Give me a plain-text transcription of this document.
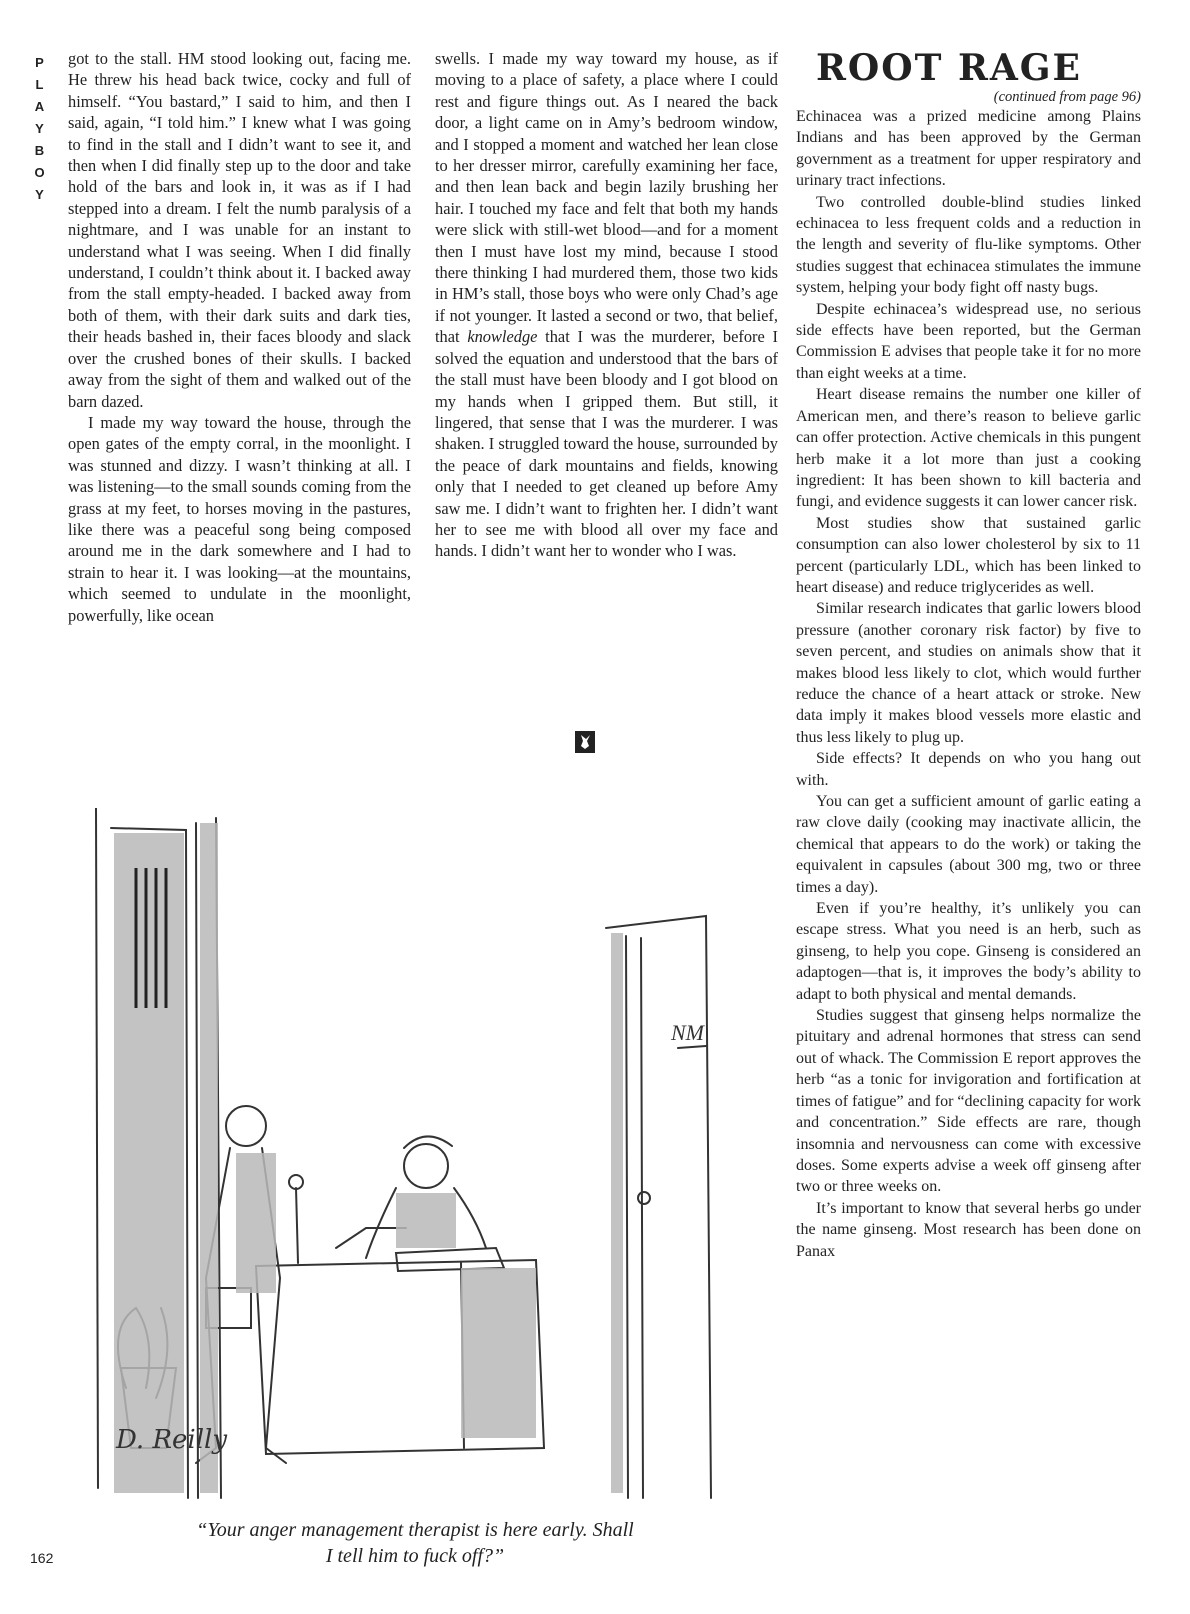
P
L
A
Y
B
O
Y

got to the stall. HM stood looking out, facing me. He threw his head back twice, cocky and full of himself. “You bastard,” I said to him, and then I said, again, “I told him.” I knew what I was going to find in the stall and I didn’t want to see it, and then when I did finally step up to the door and take hold of the bars and look in, it was as if I had stepped into a dream. I felt the numb paralysis of a nightmare, and I was unable for an instant to understand what I was seeing. When I did finally understand, I couldn’t think about it. I backed away from the stall empty-headed. I backed away from both of them, with their dark suits and dark ties, their heads bashed in, their faces bloody and slack over the crushed bones of their skulls. I backed away from the sight of them and walked out of the barn dazed.

I made my way toward the house, through the open gates of the empty corral, in the moonlight. I was stunned and dizzy. I wasn’t thinking at all. I was listening—to the small sounds coming from the grass at my feet, to horses moving in the pastures, like there was a peaceful song being composed around me in the dark somewhere and I had to strain to hear it. I was looking—at the mountains, which seemed to undulate in the moonlight, powerfully, like ocean

swells. I made my way toward my house, as if moving to a place of safety, a place where I could rest and figure things out. As I neared the back door, a light came on in Amy’s bedroom window, and I stopped a moment and watched her lean close to her dresser mirror, carefully examining her face, and then lean back and begin lazily brushing her hair. I touched my face and felt that both my hands were slick with still-wet blood—and for a moment then I must have lost my mind, because I stood there thinking I had murdered them, those two kids in HM’s stall, those boys who were only Chad’s age if not younger. It lasted a second or two, that belief, that knowledge that I was the murderer, before I solved the equation and understood that the bars of the stall must have been bloody and I got blood on my hands when I gripped them. But still, it lingered, that sense that I was the murderer. I was shaken. I struggled toward the house, surrounded by the peace of dark mountains and fields, knowing only that I needed to get cleaned up before Amy saw me. I didn’t want to frighten her. I didn’t want her to see me with blood all over my face and hands. I didn’t want her to wonder who I was.

ROOT RAGE

(continued from page 96)

Echinacea was a prized medicine among Plains Indians and has been approved by the German government as a treatment for upper respiratory and urinary tract infections.

Two controlled double-blind studies linked echinacea to less frequent colds and a reduction in the length and severity of flu-like symptoms. Other studies suggest that echinacea stimulates the immune system, helping your body fight off nasty bugs.

Despite echinacea’s widespread use, no serious side effects have been reported, but the German Commission E advises that people take it for no more than eight weeks at a time.

Heart disease remains the number one killer of American men, and there’s reason to believe garlic can offer protection. Active chemicals in this pungent herb make it a lot more than just a cooking ingredient: It has been shown to kill bacteria and fungi, and evidence suggests it can lower cancer risk.

Most studies show that sustained garlic consumption can also lower cholesterol by six to 11 percent (particularly LDL, which has been linked to heart disease) and reduce triglycerides as well.

Similar research indicates that garlic lowers blood pressure (another coronary risk factor) by five to seven percent, and studies on animals show that it makes blood less likely to clot, which would further reduce the chance of a heart attack or stroke. New data imply it makes blood vessels more elastic and thus less likely to plug up.

Side effects? It depends on who you hang out with.

You can get a sufficient amount of garlic eating a raw clove daily (cooking may inactivate allicin, the chemical that appears to do the work) or taking the equivalent in capsules (about 300 mg, two or three times a day).

Even if you’re healthy, it’s unlikely you can escape stress. What you need is an herb, such as ginseng, to help you cope. Ginseng is considered an adaptogen—that is, it improves the body’s ability to adapt to both physical and mental demands.

Studies suggest that ginseng helps normalize the pituitary and adrenal hormones that stress can send out of whack. The Commission E report approves the herb “as a tonic for invigoration and fortification at times of fatigue” and for “declining capacity for work and concentration.” Side effects are rare, though insomnia and nervousness can come with excessive doses. Some experts advise a week off ginseng after two or three weeks on.

It’s important to know that several herbs go under the name ginseng. Most research has been done on Panax

NM
D. Reilly
“Your anger management therapist is here early. Shall
I tell him to fuck off?”
162
